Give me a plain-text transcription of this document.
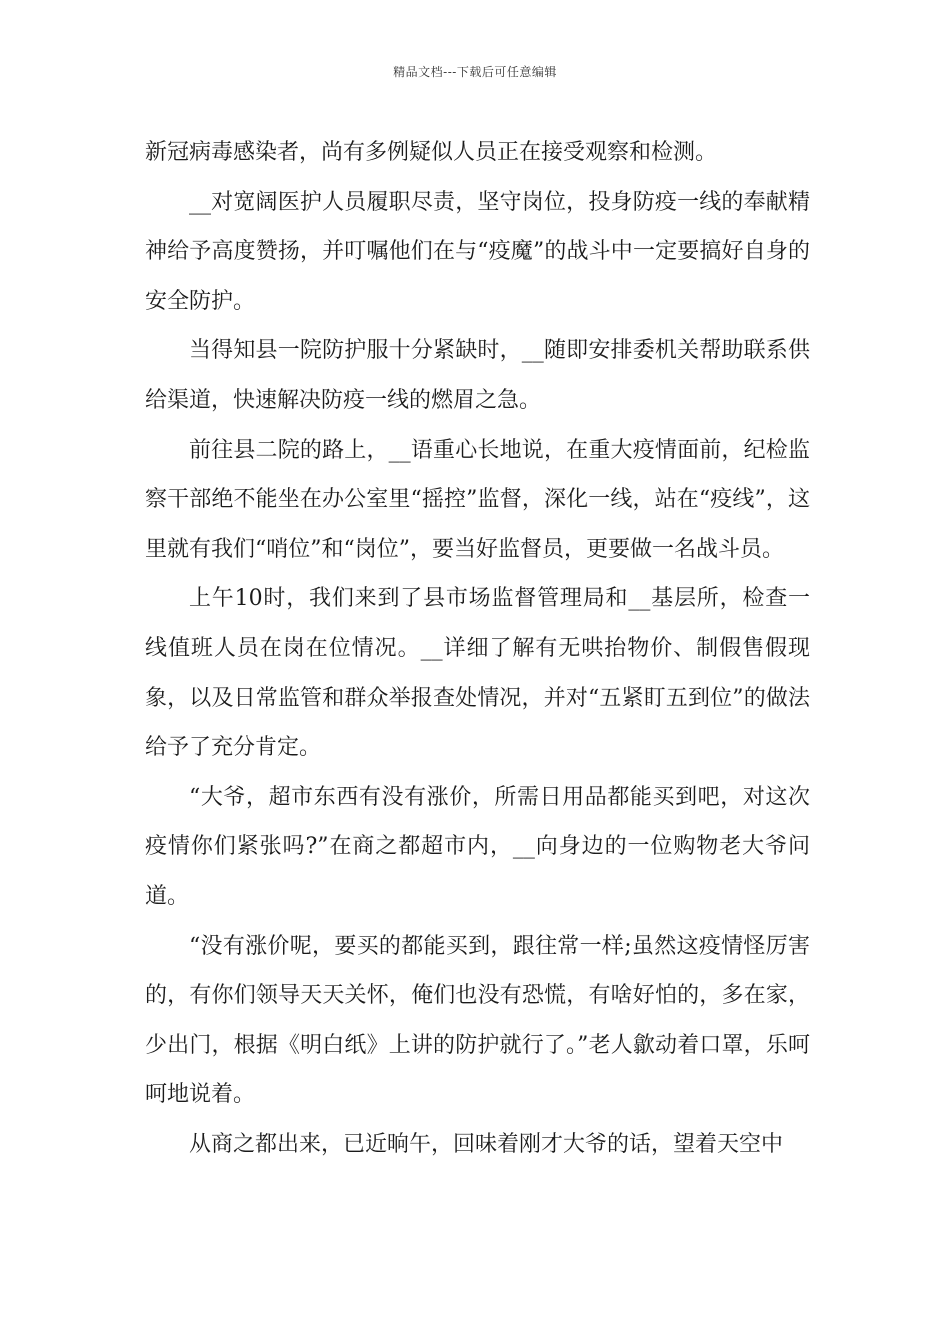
精品文档---下载后可任意编辑

新冠病毒感染者，尚有多例疑似人员正在接受观察和检测。

__对宽阔医护人员履职尽责，坚守岗位，投身防疫一线的奉献精神给予高度赞扬，并叮嘱他们在与“疫魔”的战斗中一定要搞好自身的安全防护。

当得知县一院防护服十分紧缺时，__随即安排委机关帮助联系供给渠道，快速解决防疫一线的燃眉之急。

前往县二院的路上，__语重心长地说，在重大疫情面前，纪检监察干部绝不能坐在办公室里“摇控”监督，深化一线，站在“疫线”，这里就有我们“哨位”和“岗位”，要当好监督员，更要做一名战斗员。

上午10时，我们来到了县市场监督管理局和__基层所，检查一线值班人员在岗在位情况。__详细了解有无哄抬物价、制假售假现象，以及日常监管和群众举报查处情况，并对“五紧盯五到位”的做法给予了充分肯定。

“大爷，超市东西有没有涨价，所需日用品都能买到吧，对这次疫情你们紧张吗?”在商之都超市内，__向身边的一位购物老大爷问道。

“没有涨价呢，要买的都能买到，跟往常一样;虽然这疫情怪厉害的，有你们领导天天关怀，俺们也没有恐慌，有啥好怕的，多在家，少出门，根据《明白纸》上讲的防护就行了。”老人歙动着口罩，乐呵呵地说着。

从商之都出来，已近晌午，回味着刚才大爷的话，望着天空中
